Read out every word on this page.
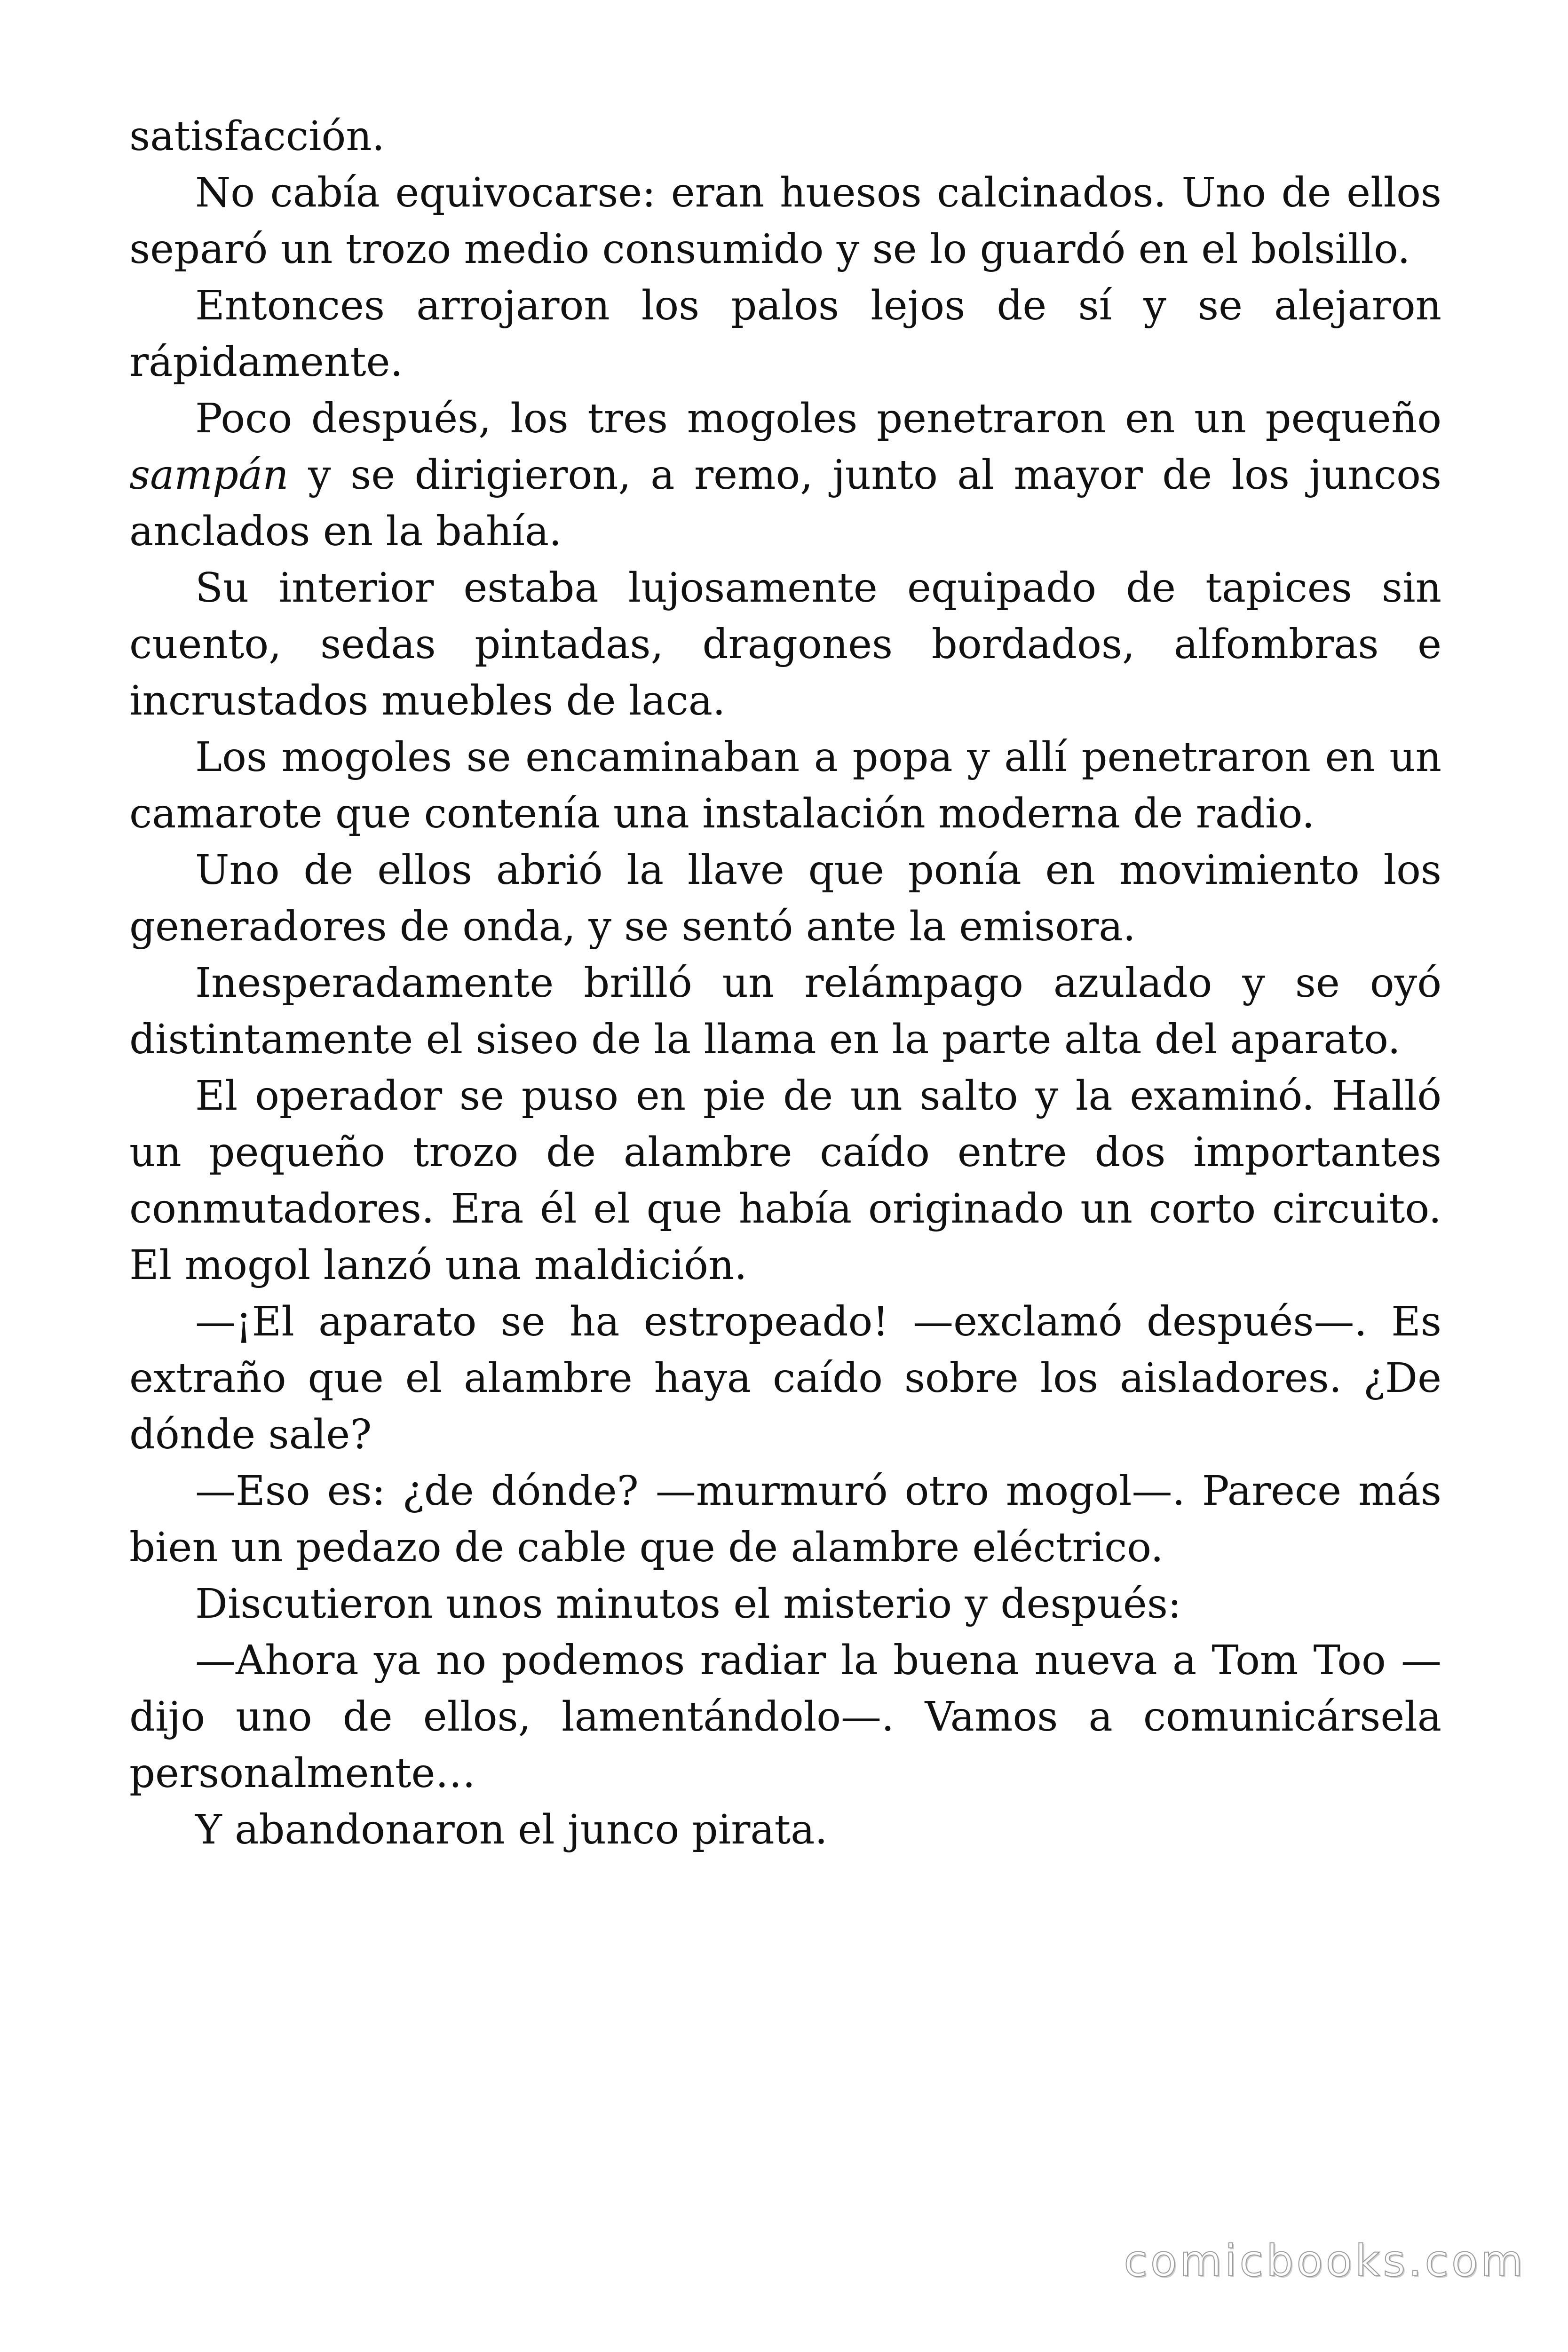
satisfacción.

No cabía equivocarse: eran huesos calcinados. Uno de ellos separó un trozo medio consumido y se lo guardó en el bolsillo.

Entonces arrojaron los palos lejos de sí y se alejaron rápidamente.

Poco después, los tres mogoles penetraron en un pequeño sampán y se dirigieron, a remo, junto al mayor de los juncos anclados en la bahía.

Su interior estaba lujosamente equipado de tapices sin cuento, sedas pintadas, dragones bordados, alfombras e incrustados muebles de laca.

Los mogoles se encaminaban a popa y allí penetraron en un camarote que contenía una instalación moderna de radio.

Uno de ellos abrió la llave que ponía en movimiento los generadores de onda, y se sentó ante la emisora.

Inesperadamente brilló un relámpago azulado y se oyó distintamente el siseo de la llama en la parte alta del aparato.

El operador se puso en pie de un salto y la examinó. Halló un pequeño trozo de alambre caído entre dos importantes conmutadores. Era él el que había originado un corto circuito. El mogol lanzó una maldición.

—¡El aparato se ha estropeado! —exclamó después—. Es extraño que el alambre haya caído sobre los aisladores. ¿De dónde sale?

—Eso es: ¿de dónde? —murmuró otro mogol—. Parece más bien un pedazo de cable que de alambre eléctrico.

Discutieron unos minutos el misterio y después:

—Ahora ya no podemos radiar la buena nueva a Tom Too —dijo uno de ellos, lamentándolo—. Vamos a comunicársela personalmente…

Y abandonaron el junco pirata.

comicbooks.com
